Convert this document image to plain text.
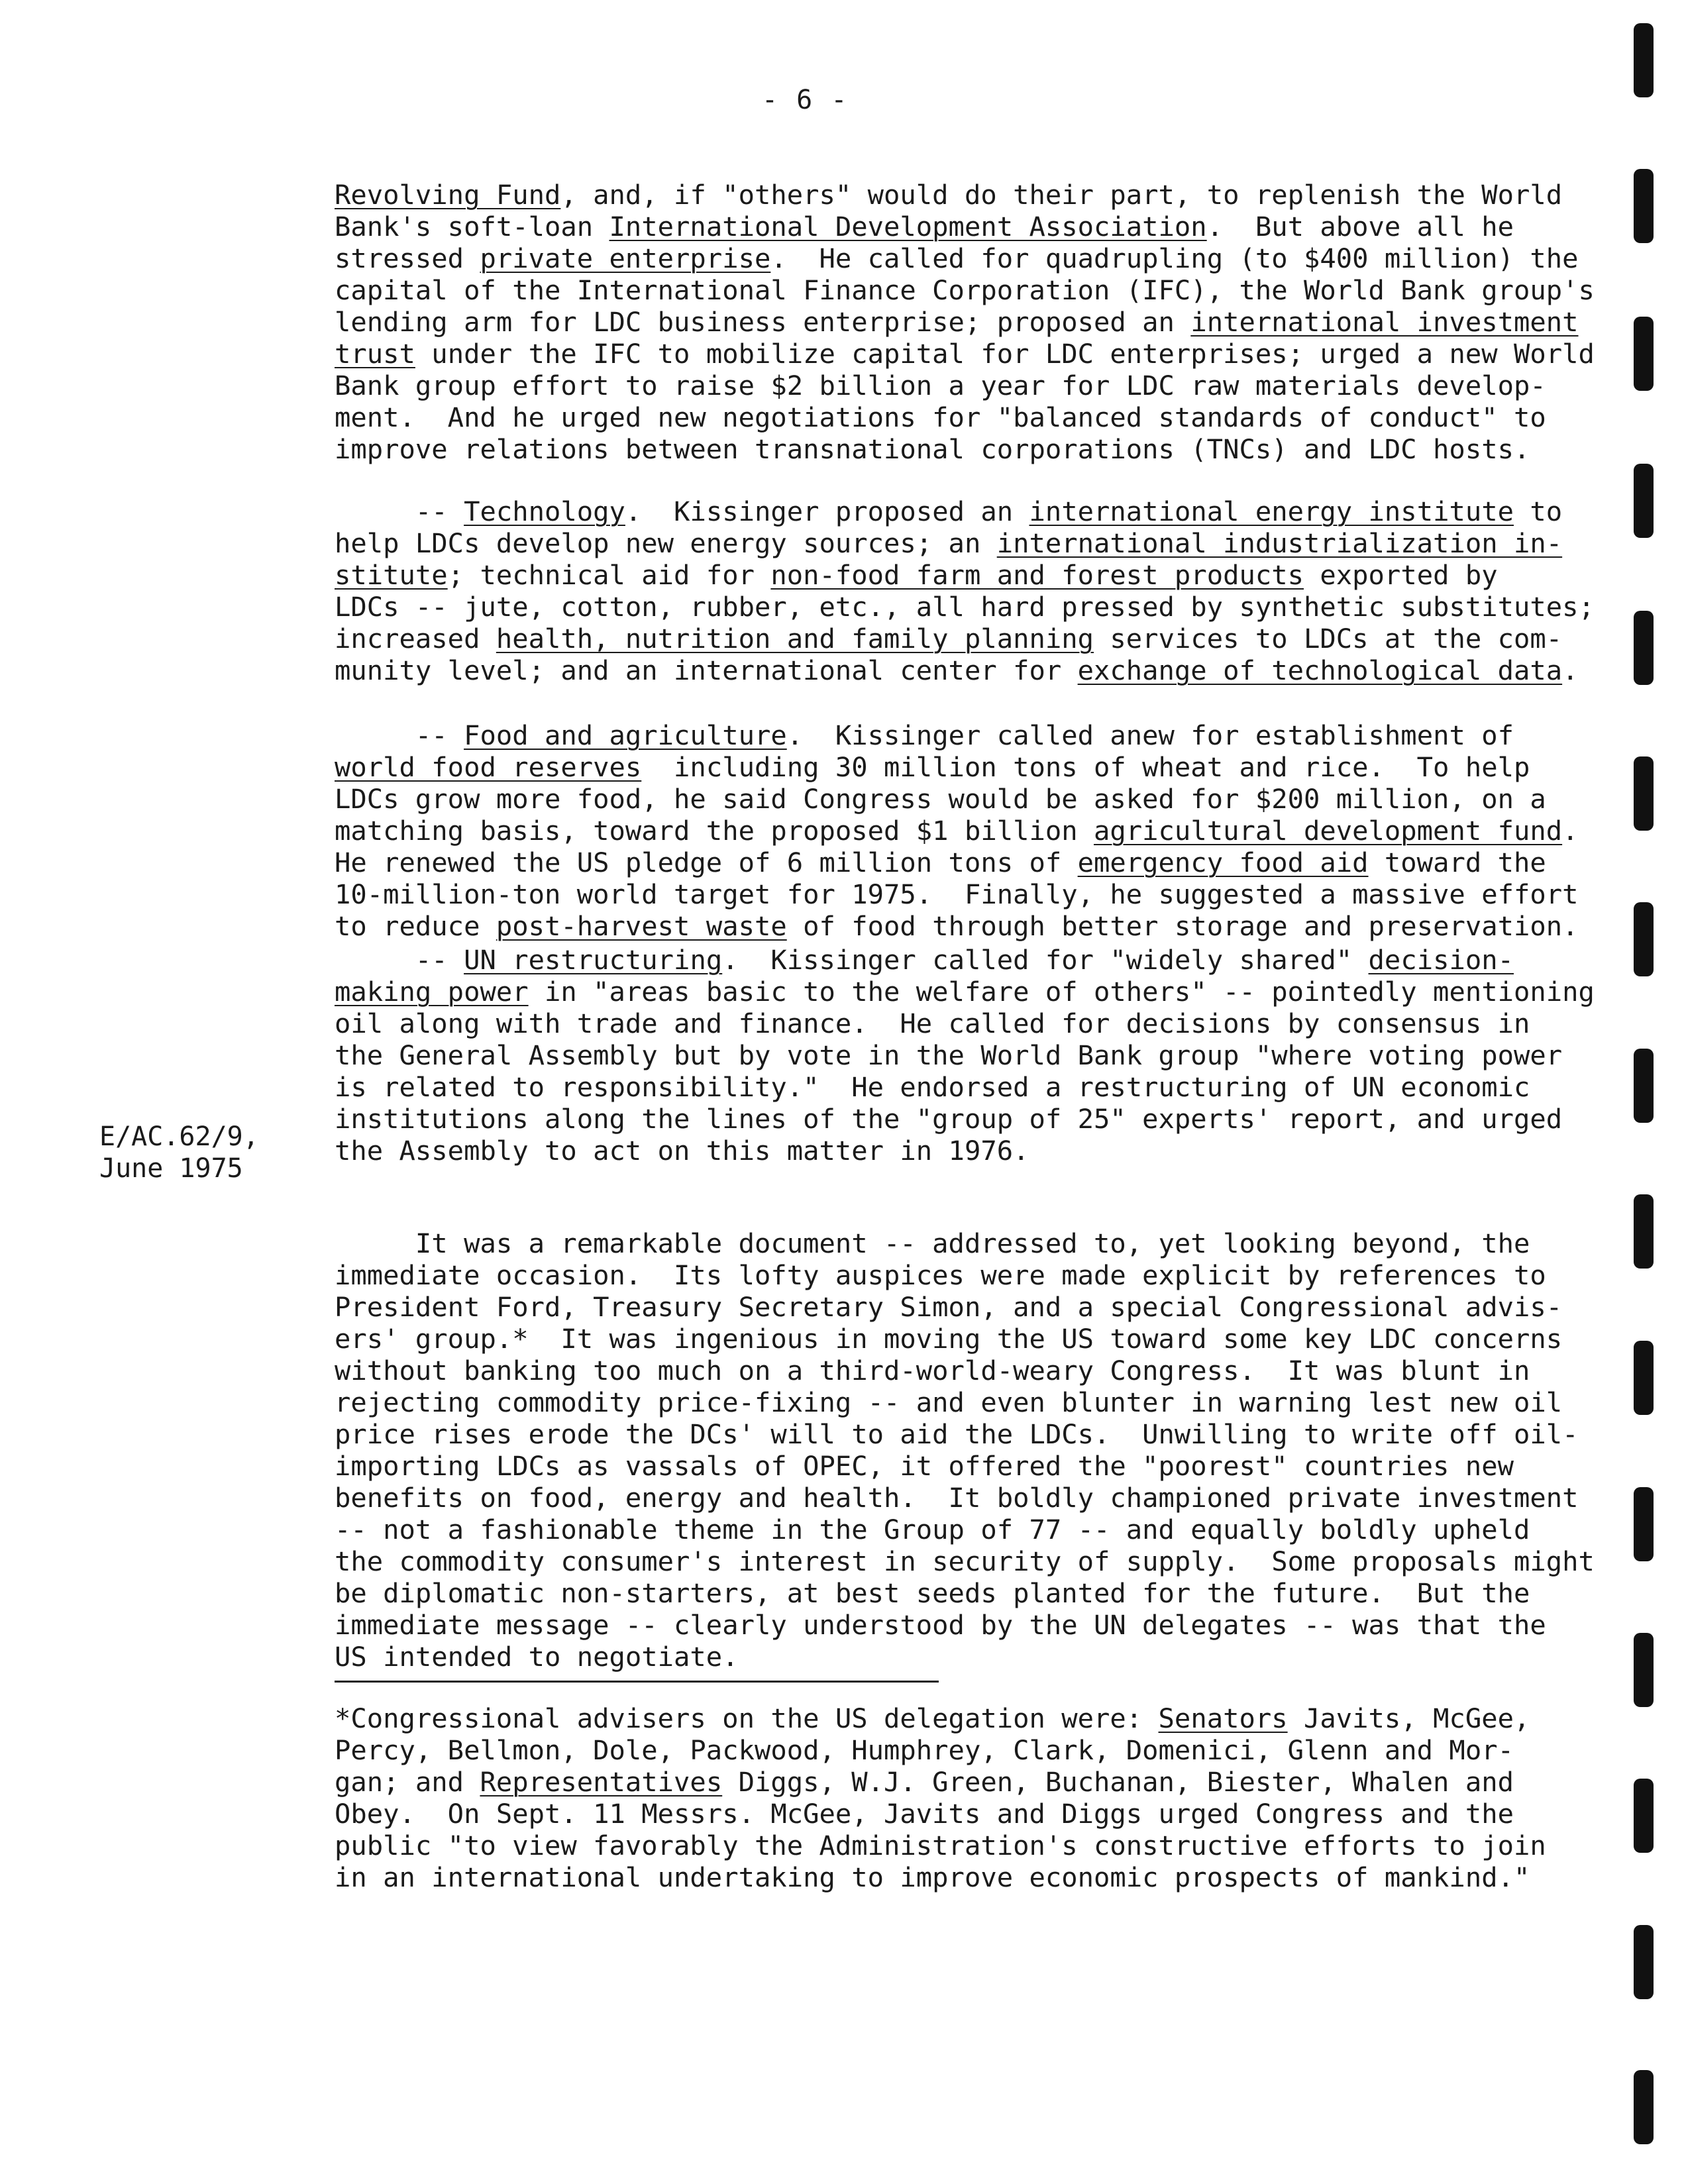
- 6 -
Revolving Fund, and, if "others" would do their part, to replenish the World
Bank's soft-loan International Development Association.  But above all he
stressed private enterprise.  He called for quadrupling (to $400 million) the
capital of the International Finance Corporation (IFC), the World Bank group's
lending arm for LDC business enterprise; proposed an international investment
trust under the IFC to mobilize capital for LDC enterprises; urged a new World
Bank group effort to raise $2 billion a year for LDC raw materials develop-
ment.  And he urged new negotiations for "balanced standards of conduct" to
improve relations between transnational corporations (TNCs) and LDC hosts.
-- Technology.  Kissinger proposed an international energy institute to
help LDCs develop new energy sources; an international industrialization in-
stitute; technical aid for non-food farm and forest products exported by
LDCs -- jute, cotton, rubber, etc., all hard pressed by synthetic substitutes;
increased health, nutrition and family planning services to LDCs at the com-
munity level; and an international center for exchange of technological data.
-- Food and agriculture.  Kissinger called anew for establishment of
world food reserves  including 30 million tons of wheat and rice.  To help
LDCs grow more food, he said Congress would be asked for $200 million, on a
matching basis, toward the proposed $1 billion agricultural development fund.
He renewed the US pledge of 6 million tons of emergency food aid toward the
10-million-ton world target for 1975.  Finally, he suggested a massive effort
to reduce post-harvest waste of food through better storage and preservation.
-- UN restructuring.  Kissinger called for "widely shared" decision-
making power in "areas basic to the welfare of others" -- pointedly mentioning
oil along with trade and finance.  He called for decisions by consensus in
the General Assembly but by vote in the World Bank group "where voting power
is related to responsibility."  He endorsed a restructuring of UN economic
institutions along the lines of the "group of 25" experts' report, and urged
the Assembly to act on this matter in 1976.
It was a remarkable document -- addressed to, yet looking beyond, the
immediate occasion.  Its lofty auspices were made explicit by references to
President Ford, Treasury Secretary Simon, and a special Congressional advis-
ers' group.*  It was ingenious in moving the US toward some key LDC concerns
without banking too much on a third-world-weary Congress.  It was blunt in
rejecting commodity price-fixing -- and even blunter in warning lest new oil
price rises erode the DCs' will to aid the LDCs.  Unwilling to write off oil-
importing LDCs as vassals of OPEC, it offered the "poorest" countries new
benefits on food, energy and health.  It boldly championed private investment
-- not a fashionable theme in the Group of 77 -- and equally boldly upheld
the commodity consumer's interest in security of supply.  Some proposals might
be diplomatic non-starters, at best seeds planted for the future.  But the
immediate message -- clearly understood by the UN delegates -- was that the
US intended to negotiate.
E/AC.62/9,
June 1975
*Congressional advisers on the US delegation were: Senators Javits, McGee,
Percy, Bellmon, Dole, Packwood, Humphrey, Clark, Domenici, Glenn and Mor-
gan; and Representatives Diggs, W.J. Green, Buchanan, Biester, Whalen and
Obey.  On Sept. 11 Messrs. McGee, Javits and Diggs urged Congress and the
public "to view favorably the Administration's constructive efforts to join
in an international undertaking to improve economic prospects of mankind."
